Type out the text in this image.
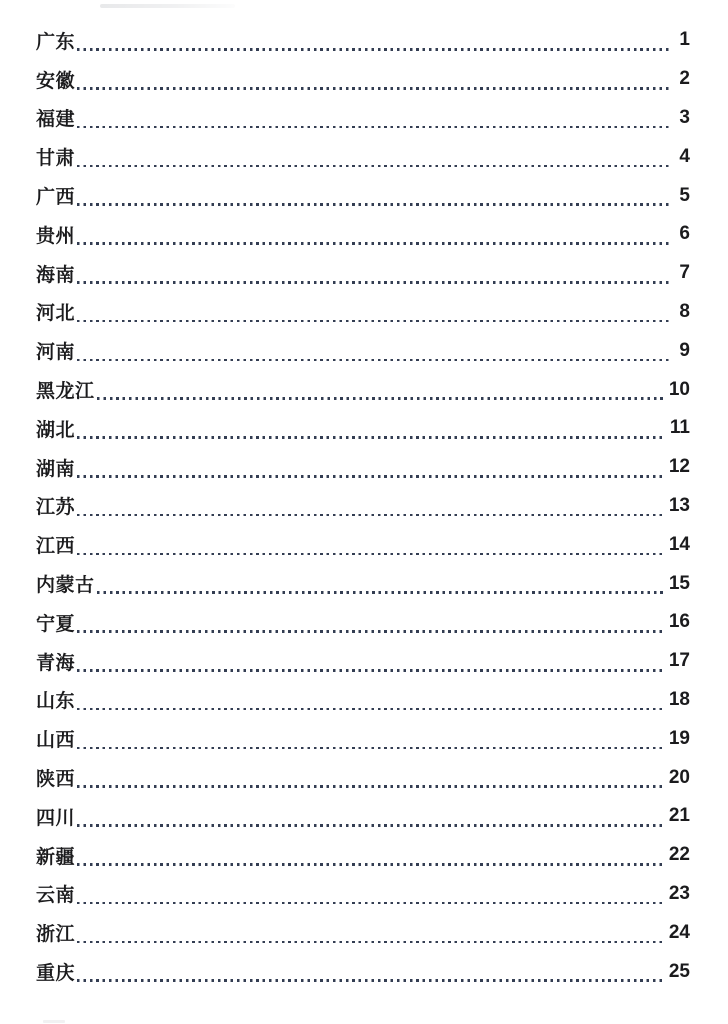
广东	1
安徽	2
福建	3
甘肃	4
广西	5
贵州	6
海南	7
河北	8
河南	9
黑龙江	10
湖北	11
湖南	12
江苏	13
江西	14
内蒙古	15
宁夏	16
青海	17
山东	18
山西	19
陕西	20
四川	21
新疆	22
云南	23
浙江	24
重庆	25
